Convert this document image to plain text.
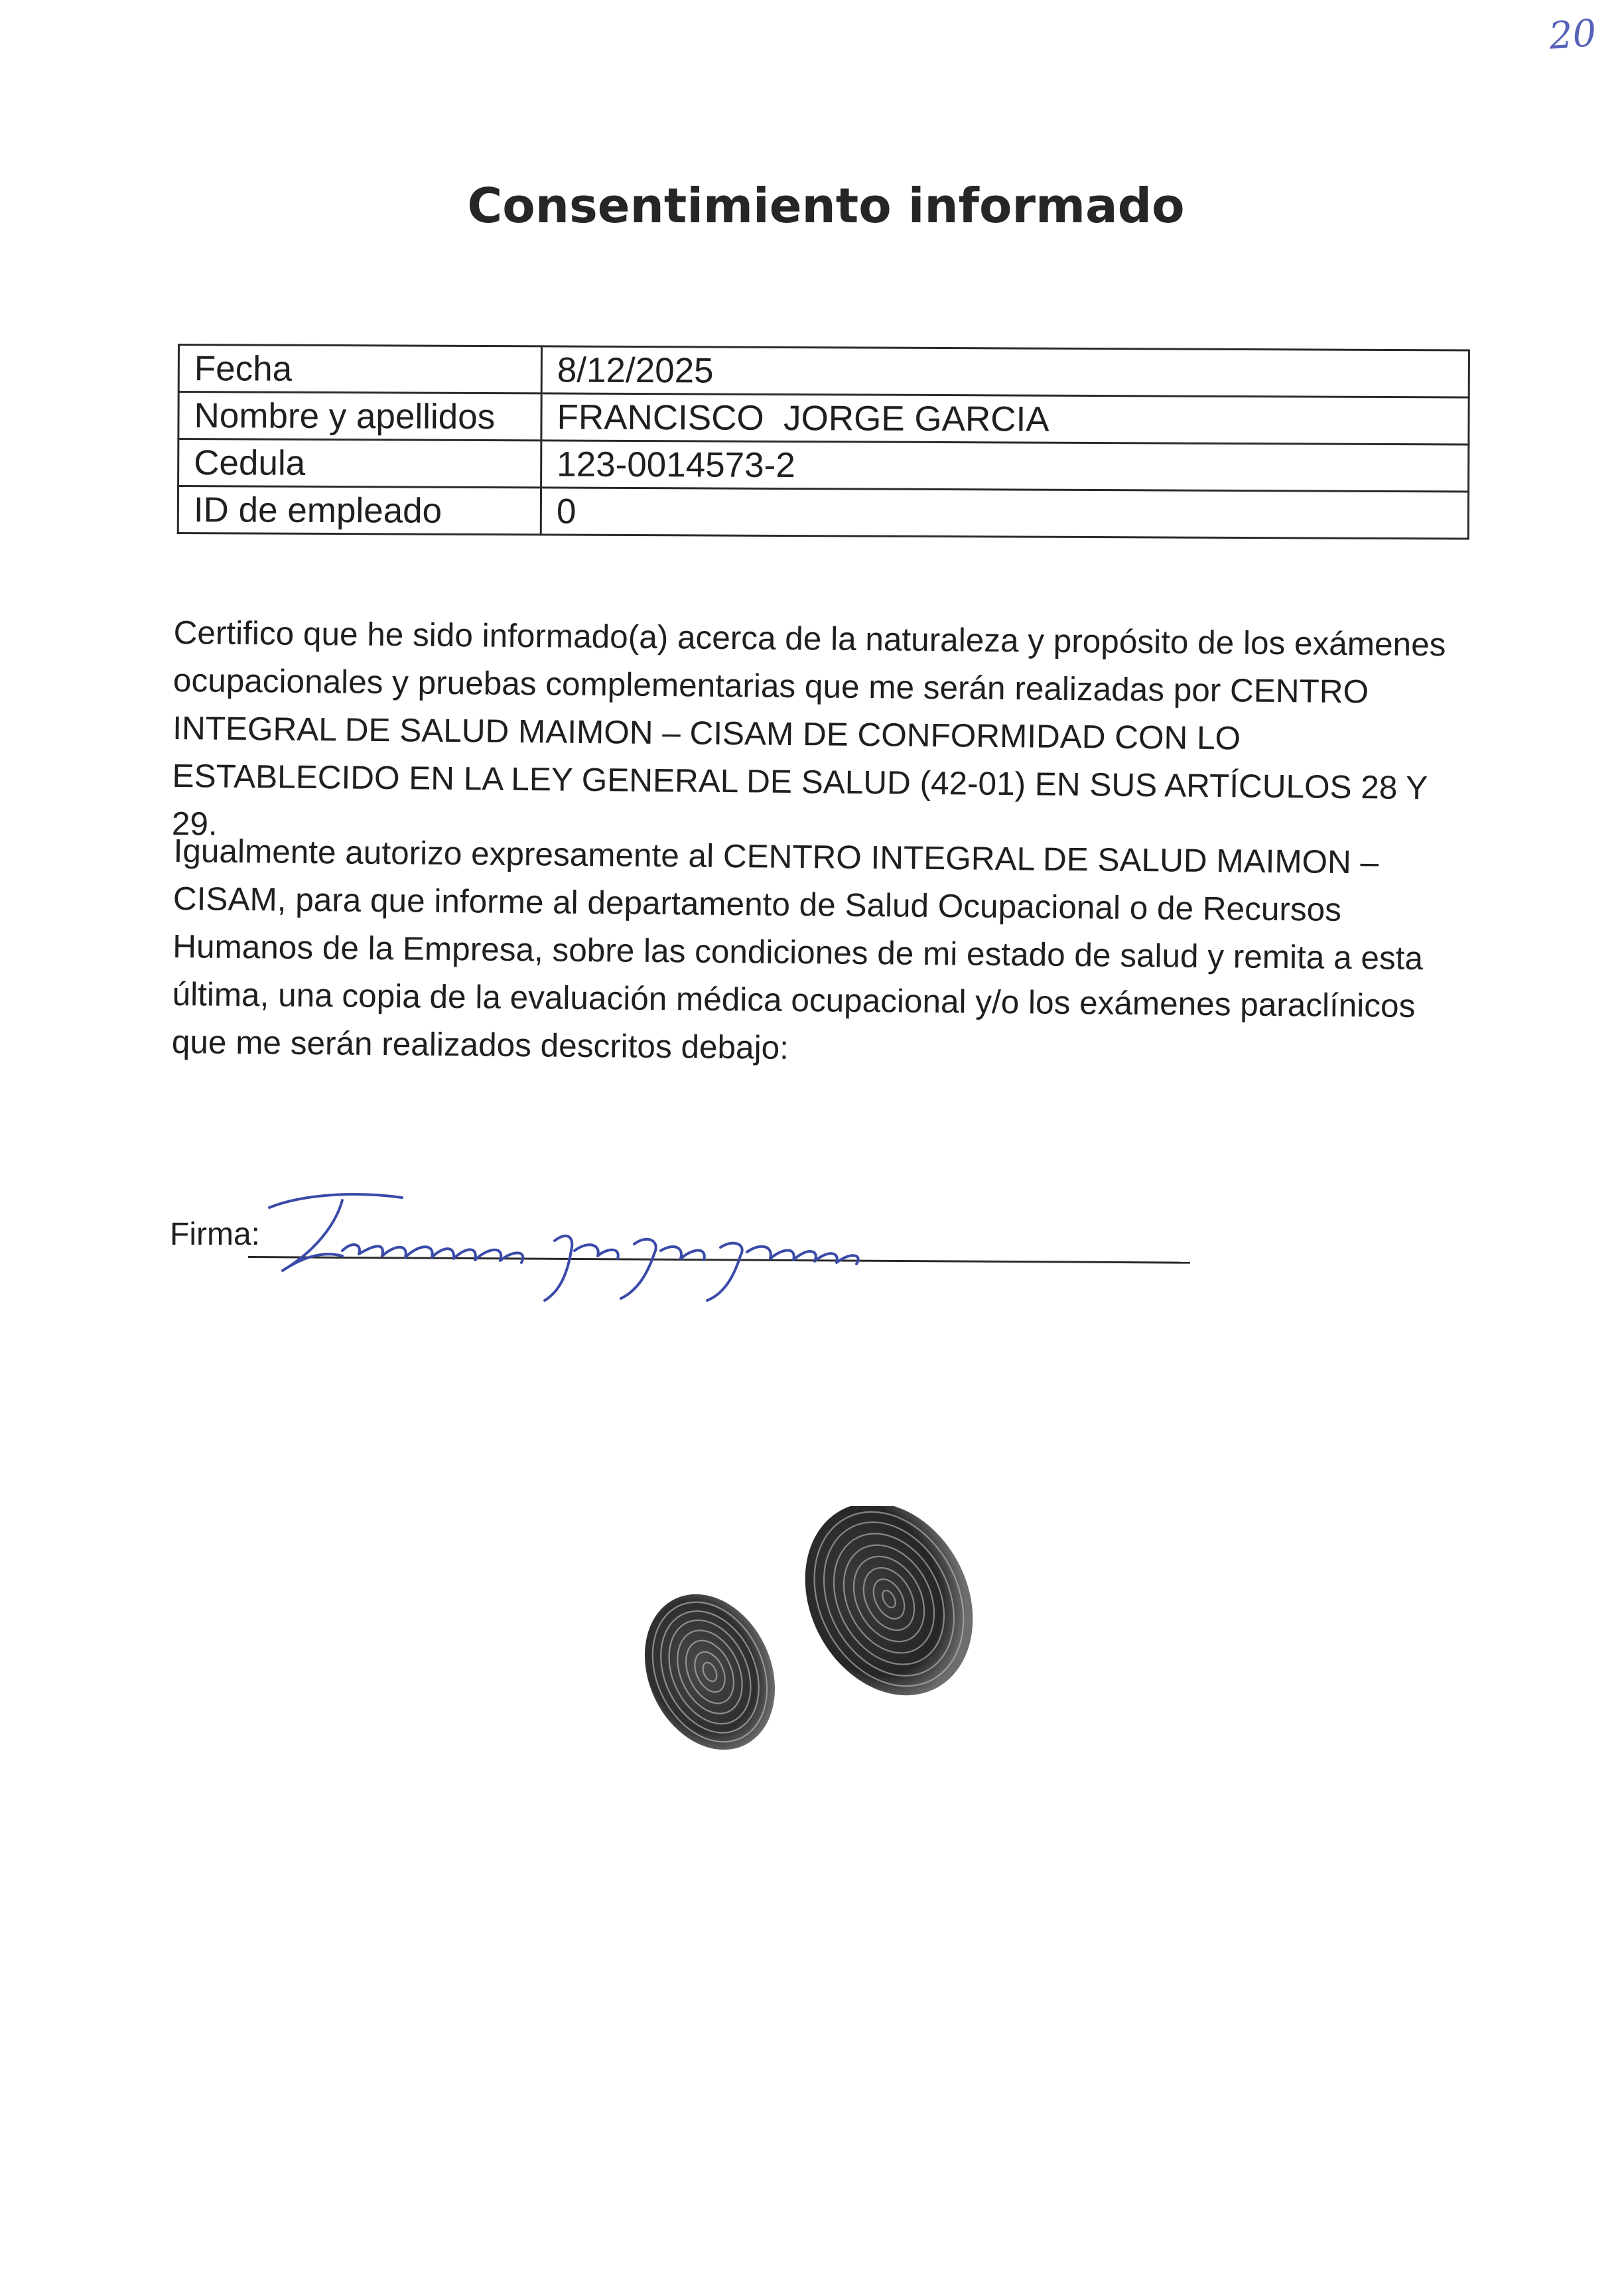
20
Consentimiento informado
Fecha	8/12/2025
Nombre y apellidos	FRANCISCO  JORGE GARCIA
Cedula	123-0014573-2
ID de empleado	0

Certifico que he sido informado(a) acerca de la naturaleza y propósito de los exámenes ocupacionales y pruebas complementarias que me serán realizadas por CENTRO INTEGRAL DE SALUD MAIMON – CISAM DE CONFORMIDAD CON LO ESTABLECIDO EN LA LEY GENERAL DE SALUD (42-01) EN SUS ARTÍCULOS 28 Y 29.

Igualmente autorizo expresamente al CENTRO INTEGRAL DE SALUD MAIMON – CISAM, para que informe al departamento de Salud Ocupacional o de Recursos Humanos de la Empresa, sobre las condiciones de mi estado de salud y remita a esta última, una copia de la evaluación médica ocupacional y/o los exámenes paraclínicos que me serán realizados descritos debajo:

Firma:
